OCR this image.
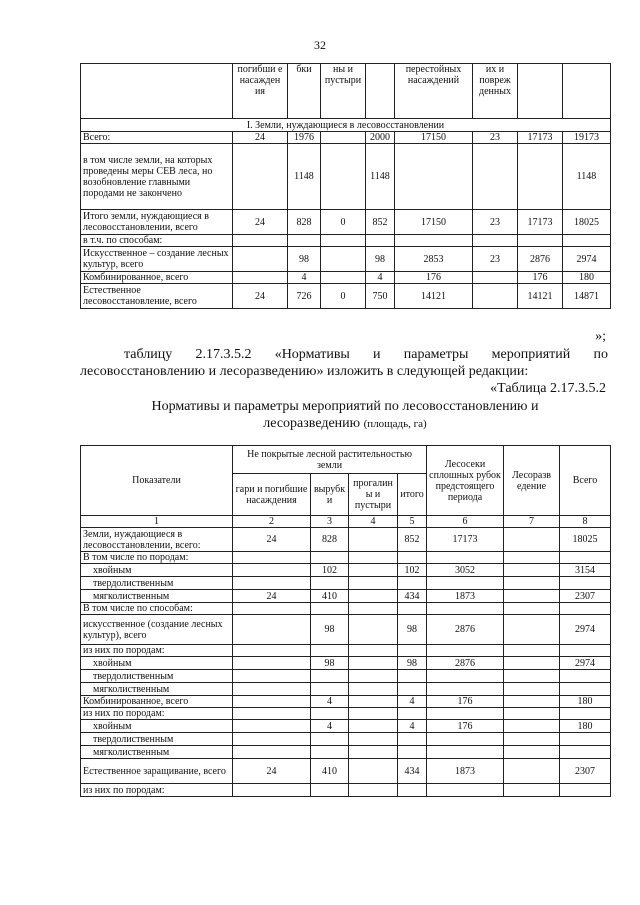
32
	погибши е насажден ия	бки	ны и пустыри		перестойных насаждений	их и повреж денных		
I. Земли, нуждающиеся в лесовосстановлении								
Всего:	24	1976		2000	17150	23	17173	19173
в том числе земли, на которых проведены меры СЕВ леса, но возобновление главными породами не закончено		1148		1148				1148
Итого земли, нуждающиеся в лесовосстановлении, всего	24	828	0	852	17150	23	17173	18025
в т.ч. по способам:								
Искусственное – создание лесных культур, всего		98		98	2853	23	2876	2974
Комбинированное, всего		4		4	176		176	180
Естественное лесовосстановление, всего	24	726	0	750	14121		14121	14871
»;
таблицу 2.17.3.5.2 «Нормативы и параметры мероприятий по
лесовосстановлению и лесоразведению» изложить в следующей редакции:
«Таблица 2.17.3.5.2
Нормативы и параметры мероприятий по лесовосстановлению и
лесоразведению (площадь, га)
Показатели	Не покрытые лесной растительностью земли				Лесосеки сплошных рубок предстоящего периода	Лесоразв едение	Всего
	гари и погибшие насаждения	вырубк и	прогалин ы и пустыри	итого			
1	2	3	4	5	6	7	8
Земли, нуждающиеся в лесовосстановлении, всего:	24	828		852	17173		18025
В том числе по породам:							
хвойным		102		102	3052		3154
твердолиственным							
мягколиственным	24	410		434	1873		2307
В том числе по способам:							
искусственное (создание лесных культур), всего		98		98	2876		2974
из них по породам:							
хвойным		98		98	2876		2974
твердолиственным							
мягколиственным							
Комбинированное, всего		4		4	176		180
из них по породам:							
хвойным		4		4	176		180
твердолиственным							
мягколиственным							
Естественное заращивание, всего	24	410		434	1873		2307
из них по породам:							
